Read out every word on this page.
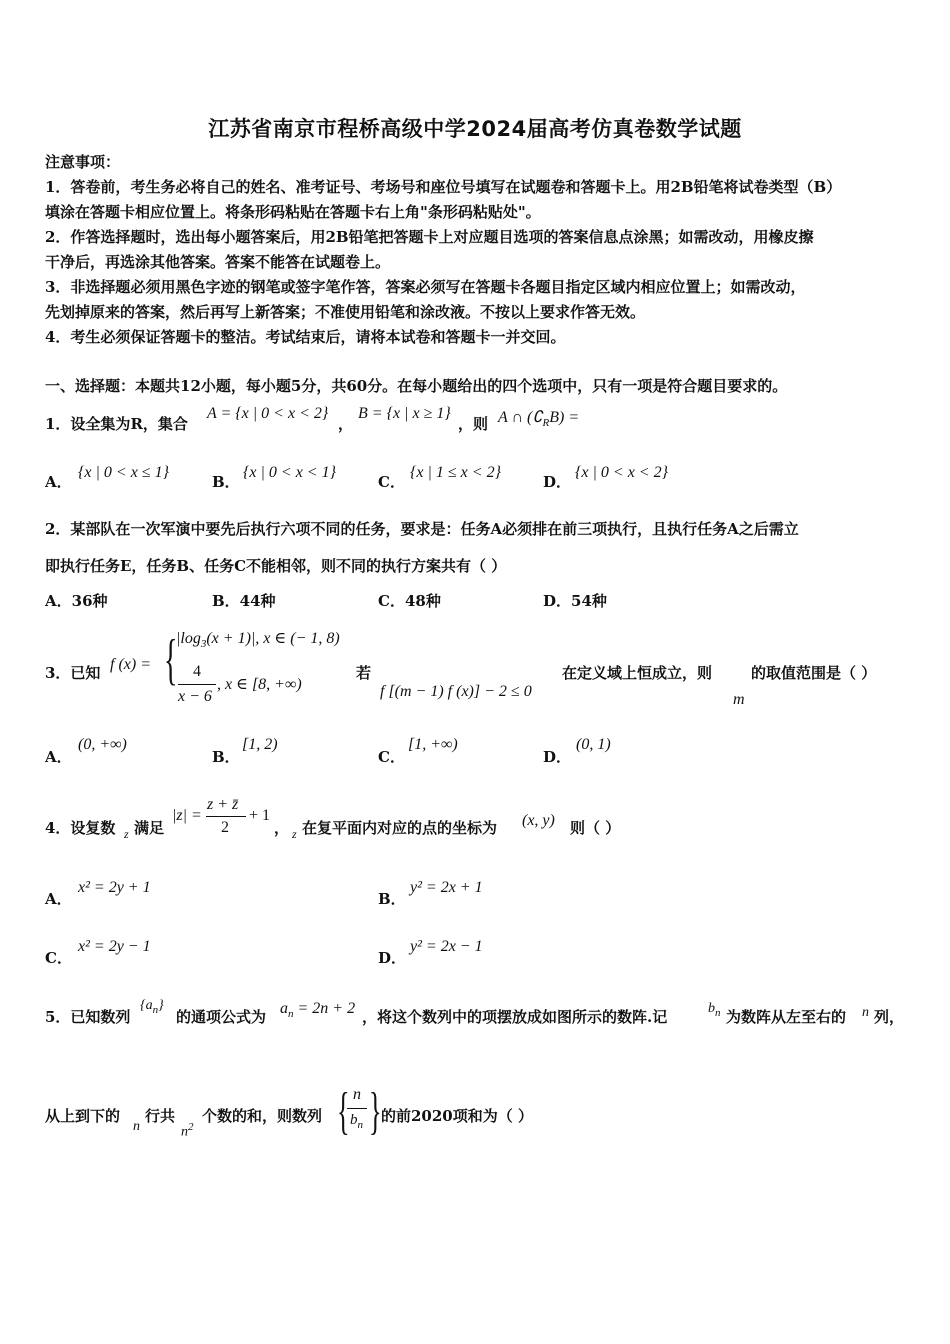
江苏省南京市程桥高级中学2024届高考仿真卷数学试题
注意事项：
1．答卷前，考生务必将自己的姓名、准考证号、考场号和座位号填写在试题卷和答题卡上。用2B铅笔将试卷类型（B）
填涂在答题卡相应位置上。将条形码粘贴在答题卡右上角"条形码粘贴处"。
2．作答选择题时，选出每小题答案后，用2B铅笔把答题卡上对应题目选项的答案信息点涂黑；如需改动，用橡皮擦
干净后，再选涂其他答案。答案不能答在试题卷上。
3．非选择题必须用黑色字迹的钢笔或签字笔作答，答案必须写在答题卡各题目指定区域内相应位置上；如需改动，
先划掉原来的答案，然后再写上新答案；不准使用铅笔和涂改液。不按以上要求作答无效。
4．考生必须保证答题卡的整洁。考试结束后，请将本试卷和答题卡一并交回。
一、选择题：本题共12小题，每小题5分，共60分。在每小题给出的四个选项中，只有一项是符合题目要求的。
1．设全集为R，集合
A = {x | 0 < x < 2}
，
B = {x | x ≥ 1}
，则 A ∩ $(∁_RB)$ =
A．
{x | 0 < x ≤ 1}
B．
{x | 0 < x < 1}
C．
{x | 1 ≤ x < 2}
D．
{x | 0 < x < 2}
2．某部队在一次军演中要先后执行六项不同的任务，要求是：任务A必须排在前三项执行，且执行任务A之后需立
即执行任务E，任务B、任务C不能相邻，则不同的执行方案共有（ ）
A．36种	B．44种	C．48种	D．54种
3．已知 f (x) = {
$|\log_3(x + 1)|$, x ∈ (− 1, 8)
4
x − 6
, x ∈ [8, +∞)
若
f [(m − 1) f (x)] − 2 ≤ 0
在定义域上恒成立，则
m
的取值范围是（ ）
A．
(0, +∞)
B．
[1, 2)
C．
[1, +∞)
D．
(0, 1)
4．设复数 z 满足
|z| =
z + z̄
2
+ 1
， z 在复平面内对应的点的坐标为 (x, y) 则（ ）
A．
x² = 2y + 1
B．
y² = 2x + 1
C．
x² = 2y − 1
D．
y² = 2x − 1
5．已知数列
$\{a_n\}$
的通项公式为 $a_n = 2n + 2$ ，将这个数列中的项摆放成如图所示的数阵.记	$b_n$ 为数阵从左至右的 n 列，
从上到下的
n
行共
$n^2$
个数的和，则数列 { n
$b_n$ } 的前2020项和为（ ）
